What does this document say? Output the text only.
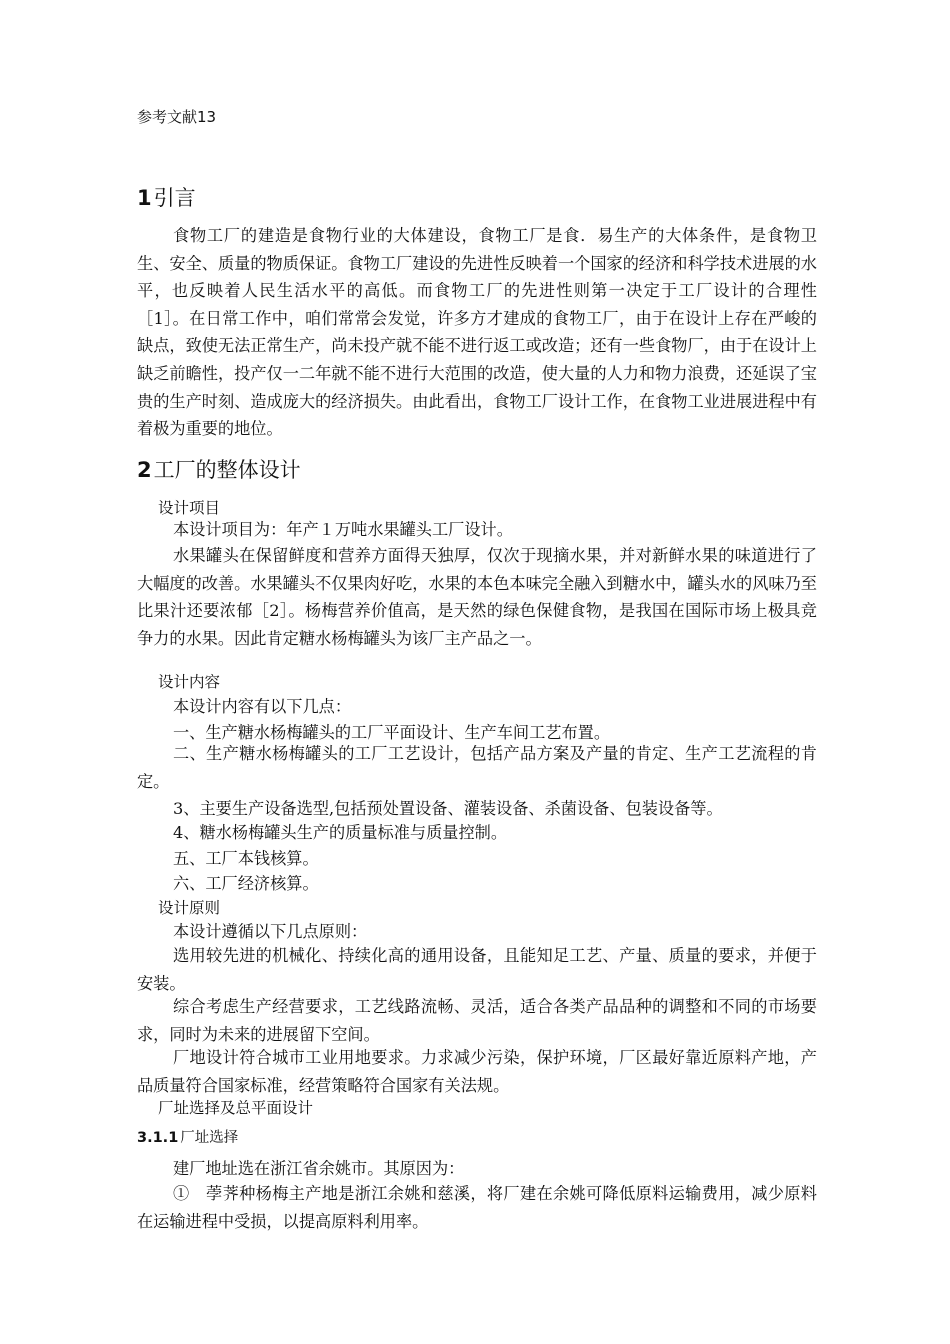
参考文献13
1引言

食物工厂的建造是食物行业的大体建设，食物工厂是食．易生产的大体条件，是食物卫生、安全、质量的物质保证。食物工厂建设的先进性反映着一个国家的经济和科学技术进展的水平，也反映着人民生活水平的高低。而食物工厂的先进性则第一决定于工厂设计的合理性［1］。在日常工作中，咱们常常会发觉，许多方才建成的食物工厂，由于在设计上存在严峻的缺点，致使无法正常生产，尚未投产就不能不进行返工或改造；还有一些食物厂，由于在设计上缺乏前瞻性，投产仅一二年就不能不进行大范围的改造，使大量的人力和物力浪费，还延误了宝贵的生产时刻、造成庞大的经济损失。由此看出，食物工厂设计工作，在食物工业进展进程中有着极为重要的地位。

2工厂的整体设计
设计项目

本设计项目为：年产１万吨水果罐头工厂设计。

水果罐头在保留鲜度和营养方面得天独厚，仅次于现摘水果，并对新鲜水果的味道进行了大幅度的改善。水果罐头不仅果肉好吃，水果的本色本味完全融入到糖水中，罐头水的风味乃至比果汁还要浓郁［2］。杨梅营养价值高，是天然的绿色保健食物，是我国在国际市场上极具竞争力的水果。因此肯定糖水杨梅罐头为该厂主产品之一。

设计内容

本设计内容有以下几点：

一、生产糖水杨梅罐头的工厂平面设计、生产车间工艺布置。

二、生产糖水杨梅罐头的工厂工艺设计，包括产品方案及产量的肯定、生产工艺流程的肯定。

3、主要生产设备选型,包括预处置设备、灌装设备、杀菌设备、包装设备等。

4、糖水杨梅罐头生产的质量标准与质量控制。

五、工厂本钱核算。

六、工厂经济核算。

设计原则

本设计遵循以下几点原则：

选用较先进的机械化、持续化高的通用设备，且能知足工艺、产量、质量的要求，并便于安装。

综合考虑生产经营要求，工艺线路流畅、灵活，适合各类产品品种的调整和不同的市场要求，同时为未来的进展留下空间。

厂地设计符合城市工业用地要求。力求减少污染，保护环境，厂区最好靠近原料产地，产品质量符合国家标准，经营策略符合国家有关法规。

厂址选择及总平面设计
3.1.1 厂址选择

建厂地址选在浙江省余姚市。其原因为：

①　荸荠种杨梅主产地是浙江余姚和慈溪，将厂建在余姚可降低原料运输费用，减少原料在运输进程中受损，以提高原料利用率。
